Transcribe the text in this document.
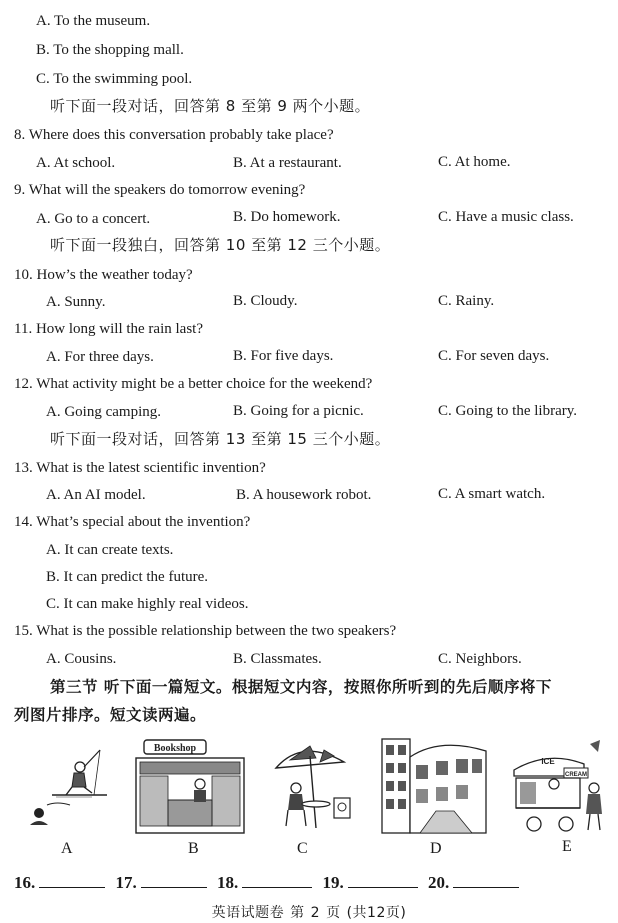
A. To the museum.
B. To the shopping mall.
C. To the swimming pool.
听下面一段对话，回答第 8 至第 9 两个小题。
8. Where does this conversation probably take place?
A. At school.	B. At a restaurant.	C. At home.
9. What will the speakers do tomorrow evening?
A. Go to a concert.	B. Do homework.	C. Have a music class.
听下面一段独白，回答第 10 至第 12 三个小题。
10. How’s the weather today?
A. Sunny.	B. Cloudy.	C. Rainy.
11. How long will the rain last?
A. For three days.	B. For five days.	C. For seven days.
12. What activity might be a better choice for the weekend?
A. Going camping.	B. Going for a picnic.	C. Going to the library.
听下面一段对话，回答第 13 至第 15 三个小题。
13. What is the latest scientific invention?
A. An AI model.	B. A housework robot.	C. A smart watch.
14. What’s special about the invention?
A. It can create texts.
B. It can predict the future.
C. It can make highly real videos.
15. What is the possible relationship between the two speakers?
A. Cousins.	B. Classmates.	C. Neighbors.
第三节 听下面一篇短文。根据短文内容，按照你所听到的先后顺序将下
列图片排序。短文读两遍。
Bookshop
ICE
CREAM
A	B	C	D	E
16.	17.	18.	19.	20.
英语试题卷 第 2 页 (共12页)
